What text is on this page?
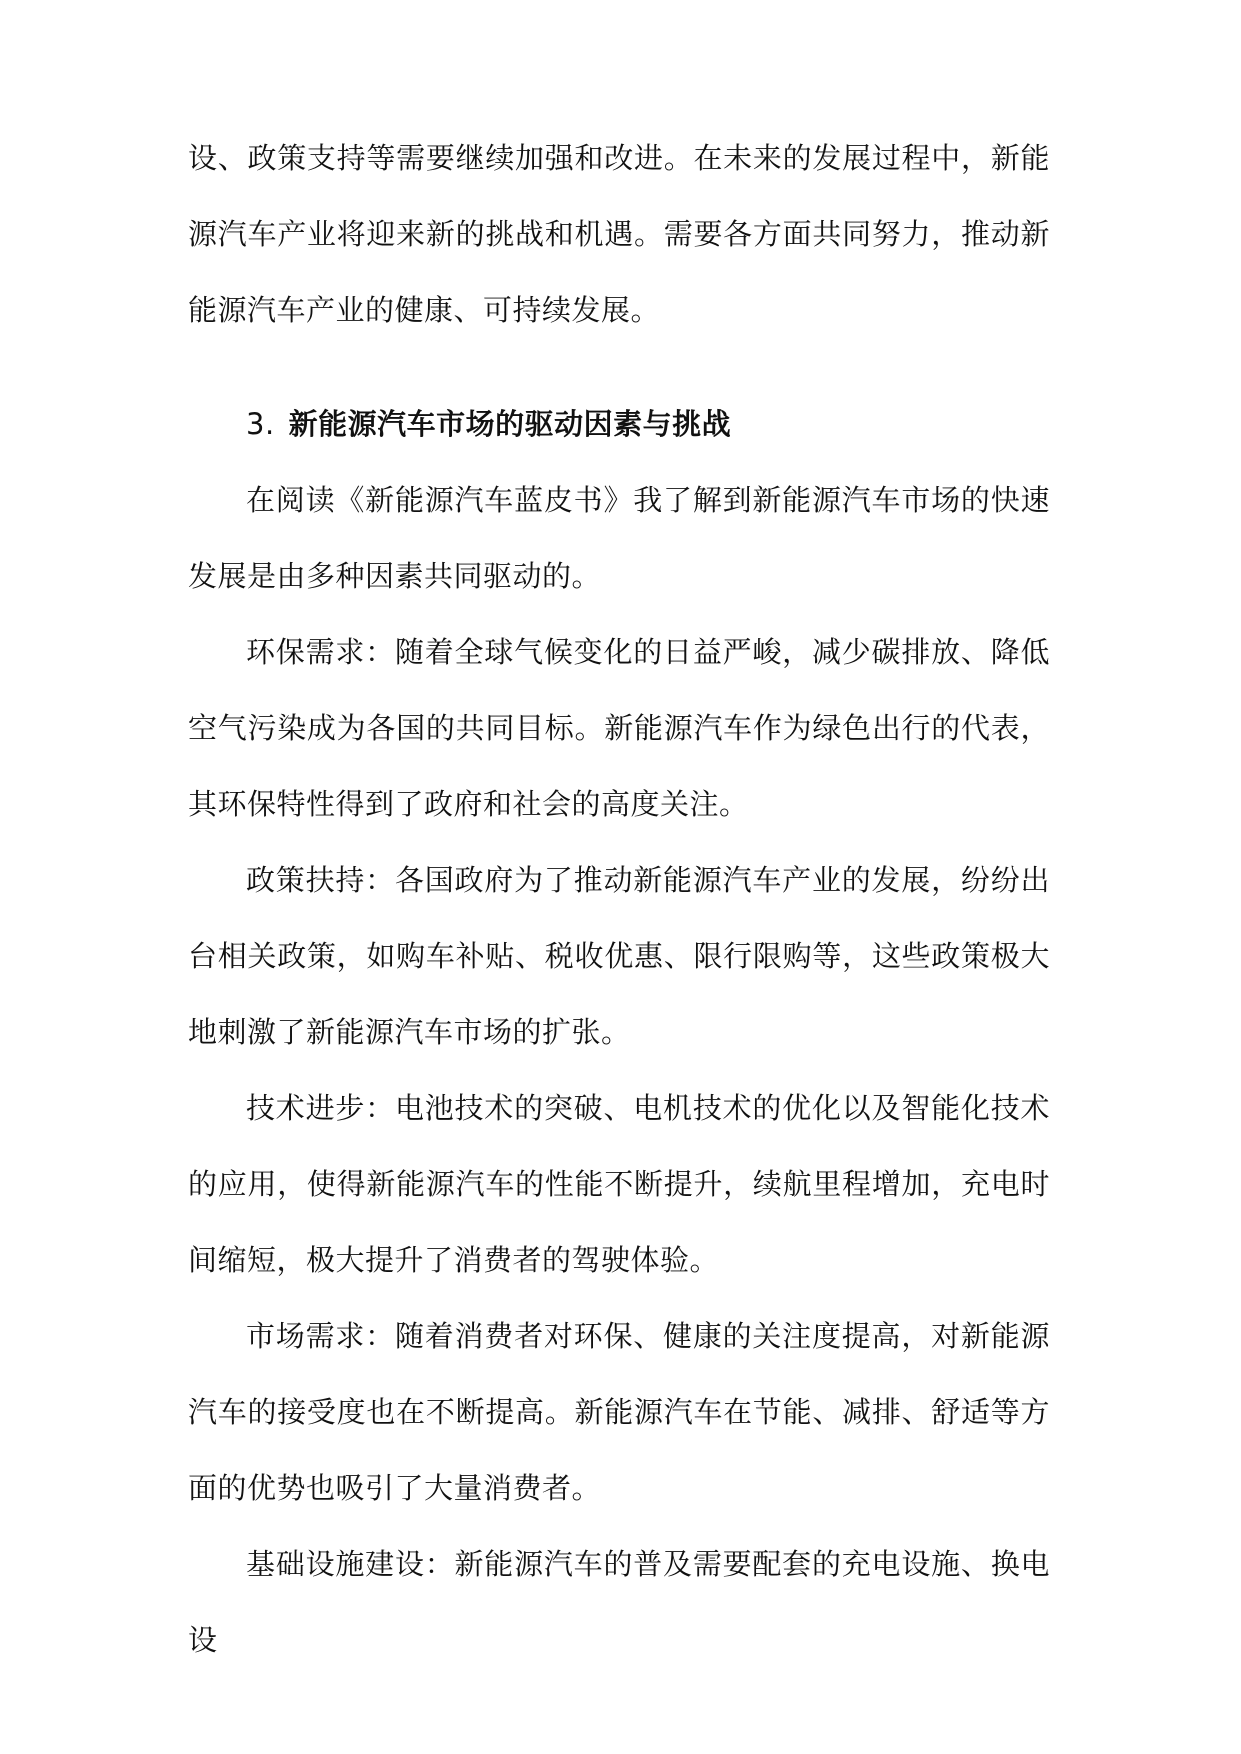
设、政策支持等需要继续加强和改进。在未来的发展过程中，新能源汽车产业将迎来新的挑战和机遇。需要各方面共同努力，推动新能源汽车产业的健康、可持续发展。

3. 新能源汽车市场的驱动因素与挑战

在阅读《新能源汽车蓝皮书》我了解到新能源汽车市场的快速发展是由多种因素共同驱动的。

环保需求：随着全球气候变化的日益严峻，减少碳排放、降低空气污染成为各国的共同目标。新能源汽车作为绿色出行的代表，其环保特性得到了政府和社会的高度关注。

政策扶持：各国政府为了推动新能源汽车产业的发展，纷纷出台相关政策，如购车补贴、税收优惠、限行限购等，这些政策极大地刺激了新能源汽车市场的扩张。

技术进步：电池技术的突破、电机技术的优化以及智能化技术的应用，使得新能源汽车的性能不断提升，续航里程增加，充电时间缩短，极大提升了消费者的驾驶体验。

市场需求：随着消费者对环保、健康的关注度提高，对新能源汽车的接受度也在不断提高。新能源汽车在节能、减排、舒适等方面的优势也吸引了大量消费者。

基础设施建设：新能源汽车的普及需要配套的充电设施、换电设
